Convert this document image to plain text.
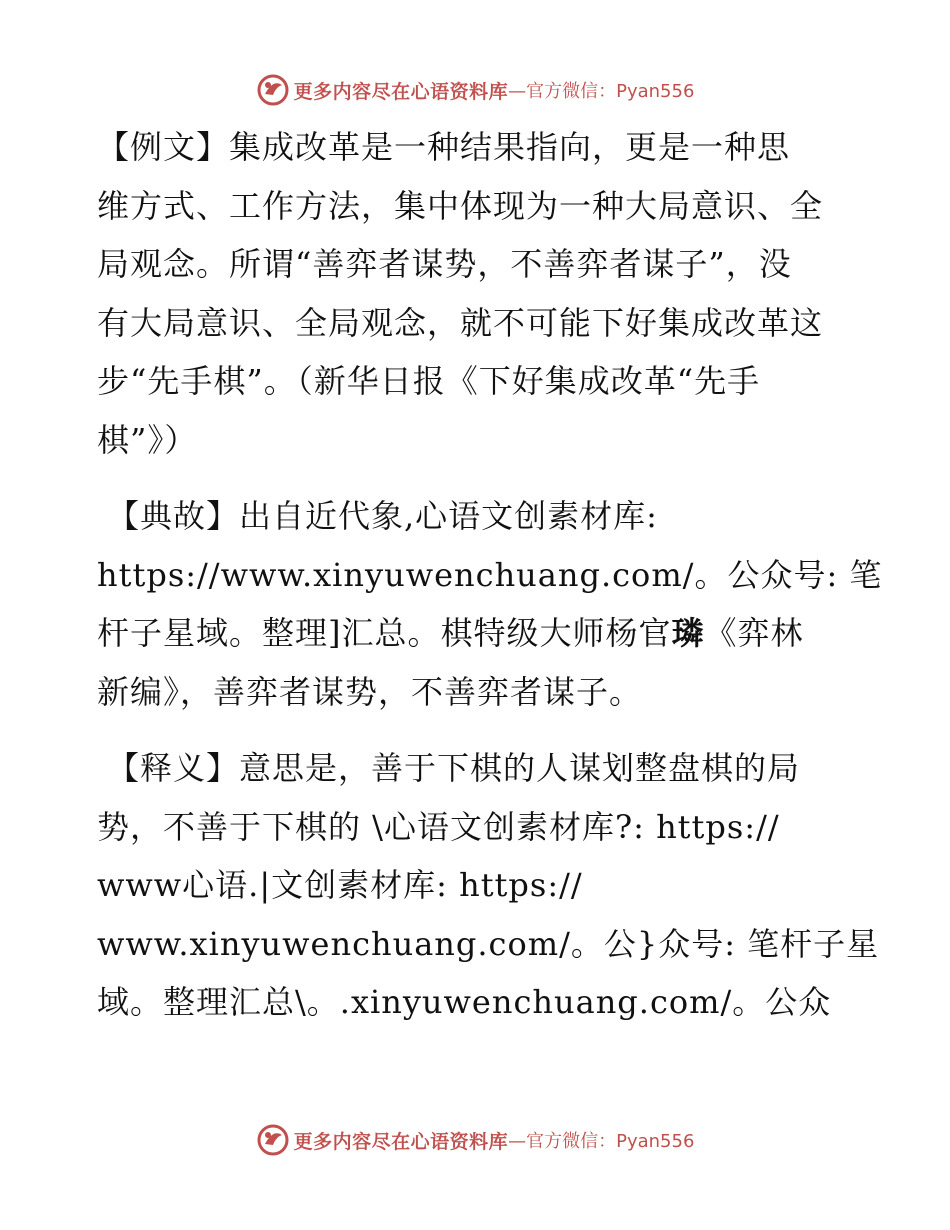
更多内容尽在心语资料库 —官方微信：Pyan556

【例文】集成改革是一种结果指向，更是一种思
维方式、工作方法，集中体现为一种大局意识、全
局观念。所谓“善弈者谋势，不善弈者谋子”，没
有大局意识、全局观念，就不可能下好集成改革这
步“先手棋”。（新华日报《下好集成改革“先手
棋”》）

【典故】出自近代象,心语文创素材库:
https://www.xinyuwenchuang.com/。公众号: 笔
杆子星域。整理]汇总。棋特级大师杨官璘《弈林
新编》，善弈者谋势，不善弈者谋子。

【释义】意思是，善于下棋的人谋划整盘棋的局
势，不善于下棋的 \心语文创素材库?: https://
www心语.|文创素材库: https://
www.xinyuwenchuang.com/。公}众号: 笔杆子星
域。整理汇总\。.xinyuwenchuang.com/。公众

更多内容尽在心语资料库 —官方微信：Pyan556
